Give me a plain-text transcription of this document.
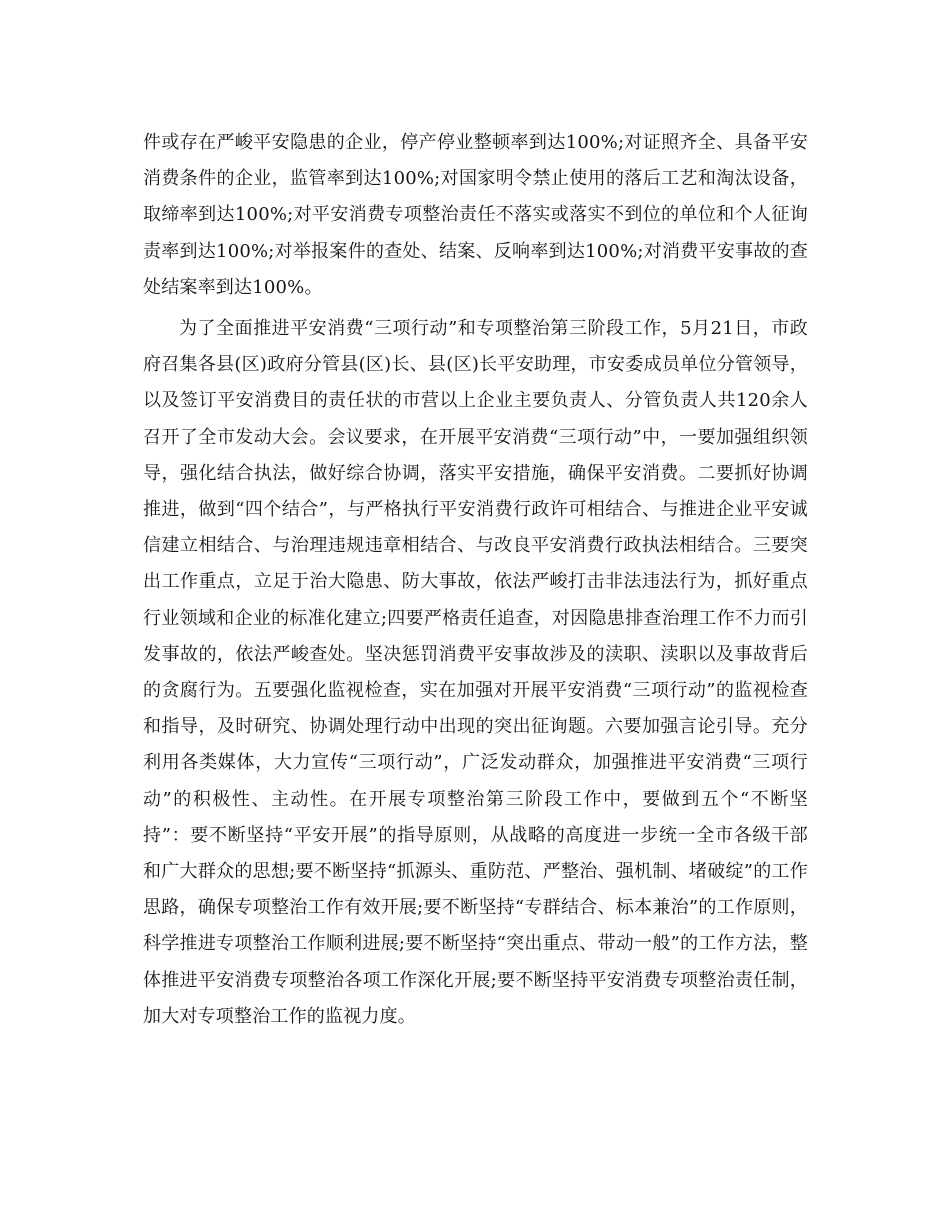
件或存在严峻平安隐患的企业，停产停业整顿率到达100%;对证照齐全、具备平安消费条件的企业，监管率到达100%;对国家明令禁止使用的落后工艺和淘汰设备，取缔率到达100%;对平安消费专项整治责任不落实或落实不到位的单位和个人征询责率到达100%;对举报案件的查处、结案、反响率到达100%;对消费平安事故的查处结案率到达100%。

为了全面推进平安消费“三项行动”和专项整治第三阶段工作，5月21日，市政府召集各县(区)政府分管县(区)长、县(区)长平安助理，市安委成员单位分管领导，以及签订平安消费目的责任状的市营以上企业主要负责人、分管负责人共120余人召开了全市发动大会。会议要求，在开展平安消费“三项行动”中，一要加强组织领导，强化结合执法，做好综合协调，落实平安措施，确保平安消费。二要抓好协调推进，做到“四个结合”，与严格执行平安消费行政许可相结合、与推进企业平安诚信建立相结合、与治理违规违章相结合、与改良平安消费行政执法相结合。三要突出工作重点，立足于治大隐患、防大事故，依法严峻打击非法违法行为，抓好重点行业领域和企业的标准化建立;四要严格责任追查，对因隐患排查治理工作不力而引发事故的，依法严峻查处。坚决惩罚消费平安事故涉及的渎职、渎职以及事故背后的贪腐行为。五要强化监视检查，实在加强对开展平安消费“三项行动”的监视检查和指导，及时研究、协调处理行动中出现的突出征询题。六要加强言论引导。充分利用各类媒体，大力宣传“三项行动”，广泛发动群众，加强推进平安消费“三项行动”的积极性、主动性。在开展专项整治第三阶段工作中，要做到五个“不断坚持”：要不断坚持“平安开展”的指导原则，从战略的高度进一步统一全市各级干部和广大群众的思想;要不断坚持“抓源头、重防范、严整治、强机制、堵破绽”的工作思路，确保专项整治工作有效开展;要不断坚持“专群结合、标本兼治”的工作原则，科学推进专项整治工作顺利进展;要不断坚持“突出重点、带动一般”的工作方法，整体推进平安消费专项整治各项工作深化开展;要不断坚持平安消费专项整治责任制，加大对专项整治工作的监视力度。
